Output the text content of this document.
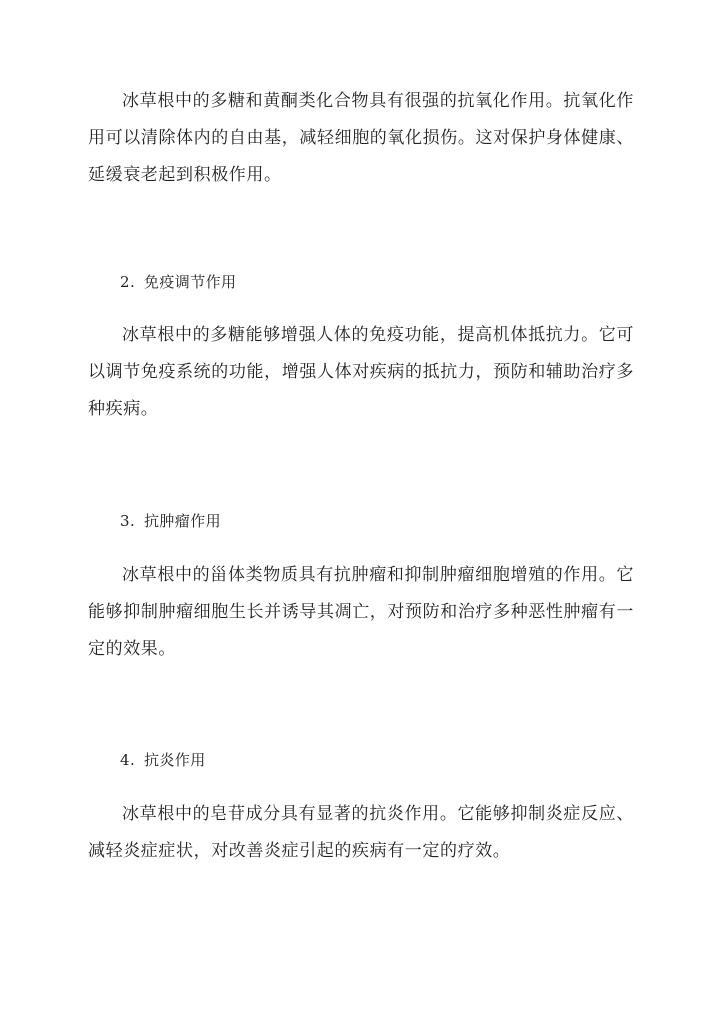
冰草根中的多糖和黄酮类化合物具有很强的抗氧化作用。抗氧化作用可以清除体内的自由基，减轻细胞的氧化损伤。这对保护身体健康、延缓衰老起到积极作用。

2. 免疫调节作用

冰草根中的多糖能够增强人体的免疫功能，提高机体抵抗力。它可以调节免疫系统的功能，增强人体对疾病的抵抗力，预防和辅助治疗多种疾病。

3. 抗肿瘤作用

冰草根中的甾体类物质具有抗肿瘤和抑制肿瘤细胞增殖的作用。它能够抑制肿瘤细胞生长并诱导其凋亡，对预防和治疗多种恶性肿瘤有一定的效果。

4. 抗炎作用

冰草根中的皂苷成分具有显著的抗炎作用。它能够抑制炎症反应、减轻炎症症状，对改善炎症引起的疾病有一定的疗效。
